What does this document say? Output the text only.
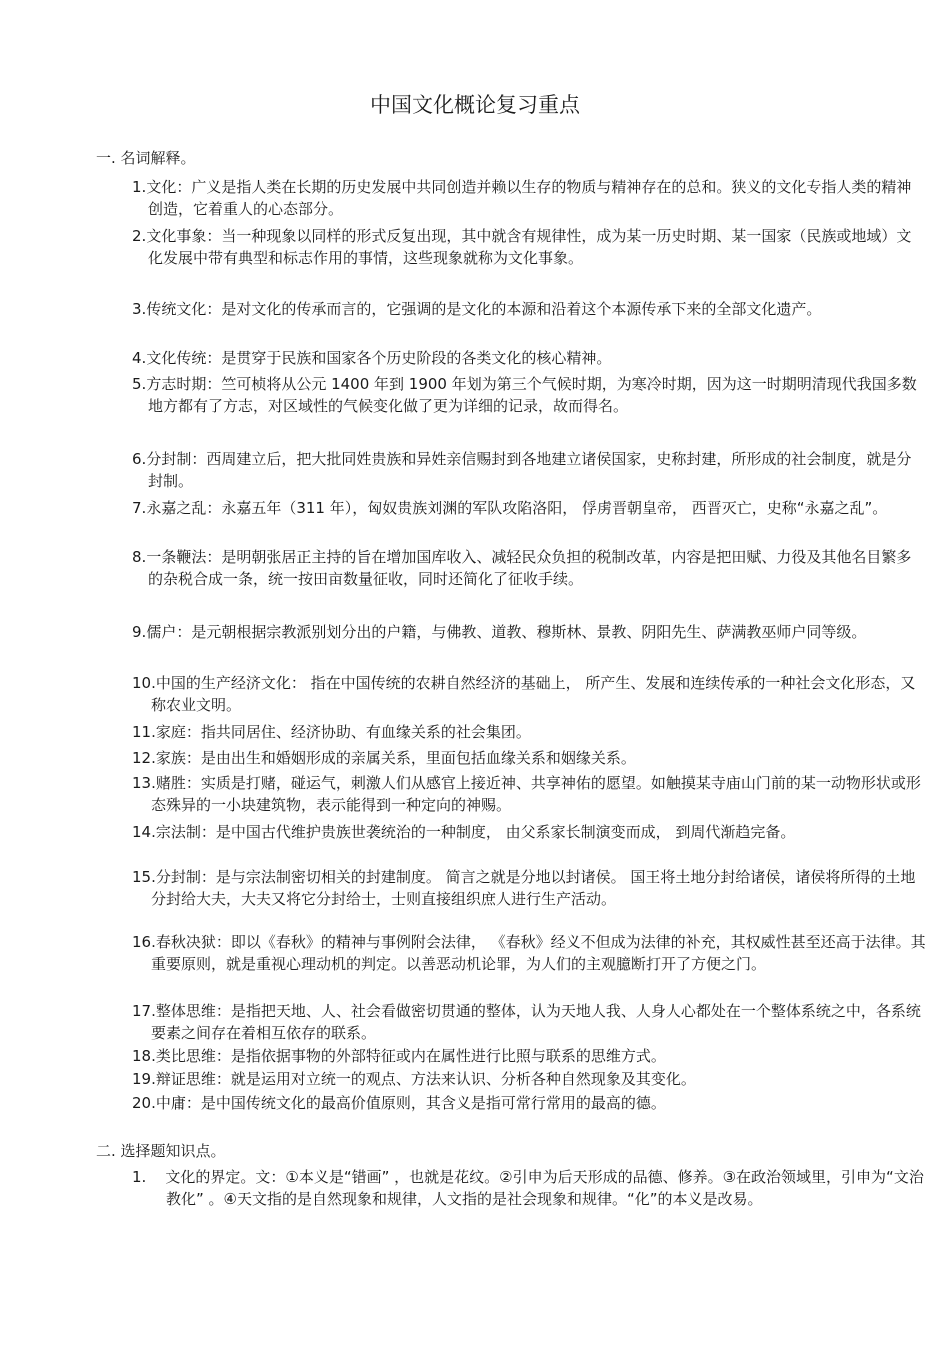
中国文化概论复习重点
一. 名词解释。
1.文化：广义是指人类在长期的历史发展中共同创造并赖以生存的物质与精神存在的总和。狭义的文化专指人类的精神创造，它着重人的心态部分。
2.文化事象：当一种现象以同样的形式反复出现，其中就含有规律性，成为某一历史时期、某一国家（民族或地域）文化发展中带有典型和标志作用的事情，这些现象就称为文化事象。
3.传统文化：是对文化的传承而言的，它强调的是文化的本源和沿着这个本源传承下来的全部文化遗产。
4.文化传统：是贯穿于民族和国家各个历史阶段的各类文化的核心精神。
5.方志时期：竺可桢将从公元 1400 年到 1900 年划为第三个气候时期，为寒冷时期，因为这一时期明清现代我国多数地方都有了方志，对区域性的气候变化做了更为详细的记录，故而得名。
6.分封制：西周建立后，把大批同姓贵族和异姓亲信赐封到各地建立诸侯国家，史称封建，所形成的社会制度，就是分封制。
7.永嘉之乱：永嘉五年（311 年），匈奴贵族刘渊的军队攻陷洛阳， 俘虏晋朝皇帝， 西晋灭亡，史称“永嘉之乱”。
8.一条鞭法：是明朝张居正主持的旨在增加国库收入、减轻民众负担的税制改革，内容是把田赋、力役及其他名目繁多的杂税合成一条，统一按田亩数量征收，同时还简化了征收手续。
9.儒户：是元朝根据宗教派别划分出的户籍，与佛教、道教、穆斯林、景教、阴阳先生、萨满教巫师户同等级。
10.中国的生产经济文化： 指在中国传统的农耕自然经济的基础上， 所产生、发展和连续传承的一种社会文化形态，又称农业文明。
11.家庭：指共同居住、经济协助、有血缘关系的社会集团。
12.家族：是由出生和婚姻形成的亲属关系，里面包括血缘关系和姻缘关系。
13.赌胜：实质是打赌，碰运气，刺激人们从感官上接近神、共享神佑的愿望。如触摸某寺庙山门前的某一动物形状或形态殊异的一小块建筑物，表示能得到一种定向的神赐。
14.宗法制：是中国古代维护贵族世袭统治的一种制度， 由父系家长制演变而成， 到周代渐趋完备。
15.分封制：是与宗法制密切相关的封建制度。 简言之就是分地以封诸侯。 国王将土地分封给诸侯，诸侯将所得的土地分封给大夫，大夫又将它分封给士，士则直接组织庶人进行生产活动。
16.春秋决狱：即以《春秋》的精神与事例附会法律， 《春秋》经义不但成为法律的补充，其权威性甚至还高于法律。其重要原则，就是重视心理动机的判定。以善恶动机论罪，为人们的主观臆断打开了方便之门。
17.整体思维：是指把天地、人、社会看做密切贯通的整体，认为天地人我、人身人心都处在一个整体系统之中，各系统要素之间存在着相互依存的联系。
18.类比思维：是指依据事物的外部特征或内在属性进行比照与联系的思维方式。
19.辩证思维：就是运用对立统一的观点、方法来认识、分析各种自然现象及其变化。
20.中庸：是中国传统文化的最高价值原则，其含义是指可常行常用的最高的德。
二. 选择题知识点。
1. 文化的界定。文：①本义是“错画” ，也就是花纹。②引申为后天形成的品德、修养。③在政治领域里，引申为“文治教化” 。④天文指的是自然现象和规律，人文指的是社会现象和规律。“化”的本义是改易。
